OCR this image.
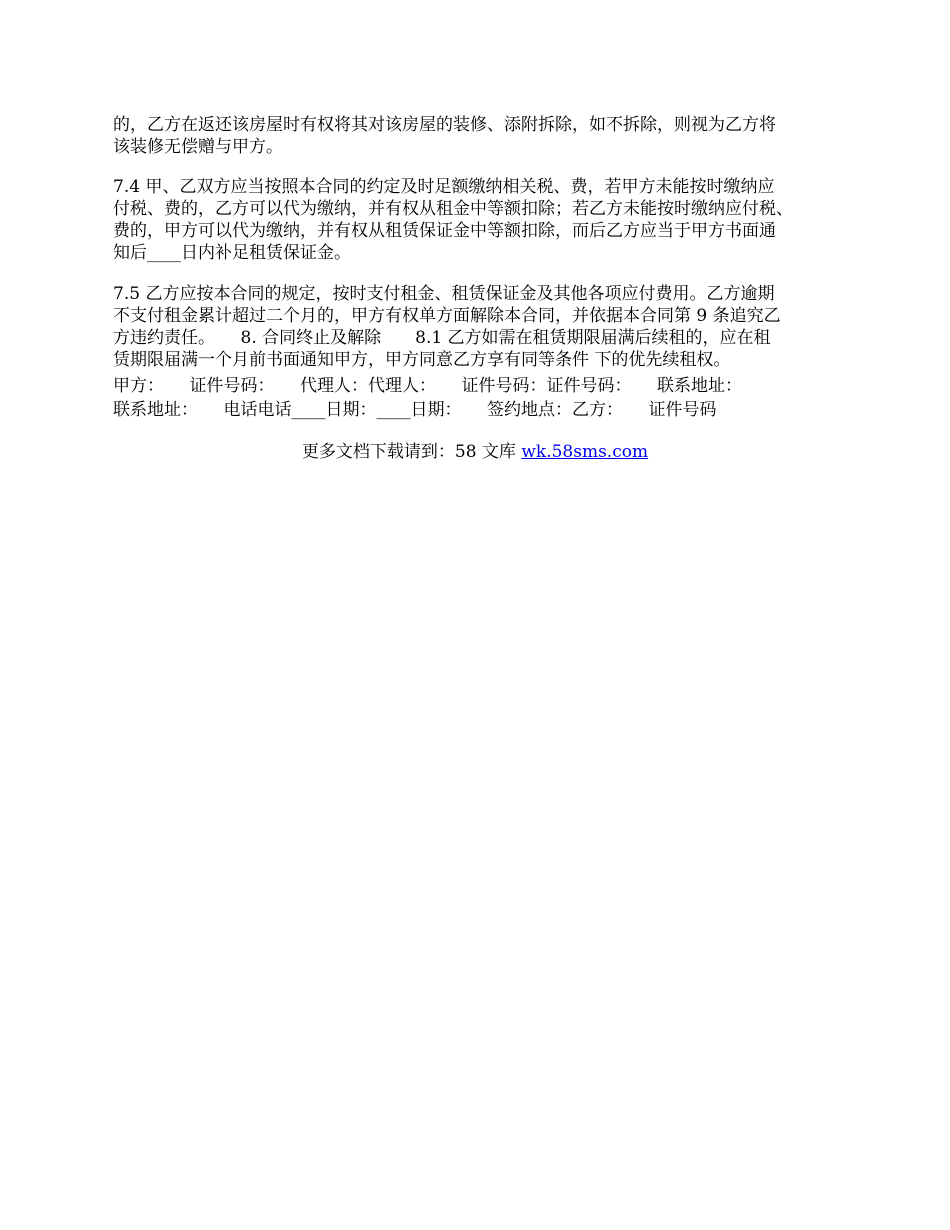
的，乙方在返还该房屋时有权将其对该房屋的装修、添附拆除，如不拆除，则视为乙方将
该装修无偿赠与甲方。
7.4 甲、乙双方应当按照本合同的约定及时足额缴纳相关税、费，若甲方未能按时缴纳应
付税、费的，乙方可以代为缴纳，并有权从租金中等额扣除；若乙方未能按时缴纳应付税、
费的，甲方可以代为缴纳，并有权从租赁保证金中等额扣除，而后乙方应当于甲方书面通
知后____日内补足租赁保证金。
7.5 乙方应按本合同的规定，按时支付租金、租赁保证金及其他各项应付费用。乙方逾期
不支付租金累计超过二个月的，甲方有权单方面解除本合同，并依据本合同第 9 条追究乙
方违约责任。　　8. 合同终止及解除　　8.1 乙方如需在租赁期限届满后续租的，应在租
赁期限届满一个月前书面通知甲方，甲方同意乙方享有同等条件 下的优先续租权。
甲方：　　证件号码：　　代理人：代理人：　　证件号码：证件号码：　　联系地址：
联系地址：　　电话电话____日期：____日期：　　签约地点：乙方：　　证件号码
更多文档下载请到：58 文库 wk.58sms.com
